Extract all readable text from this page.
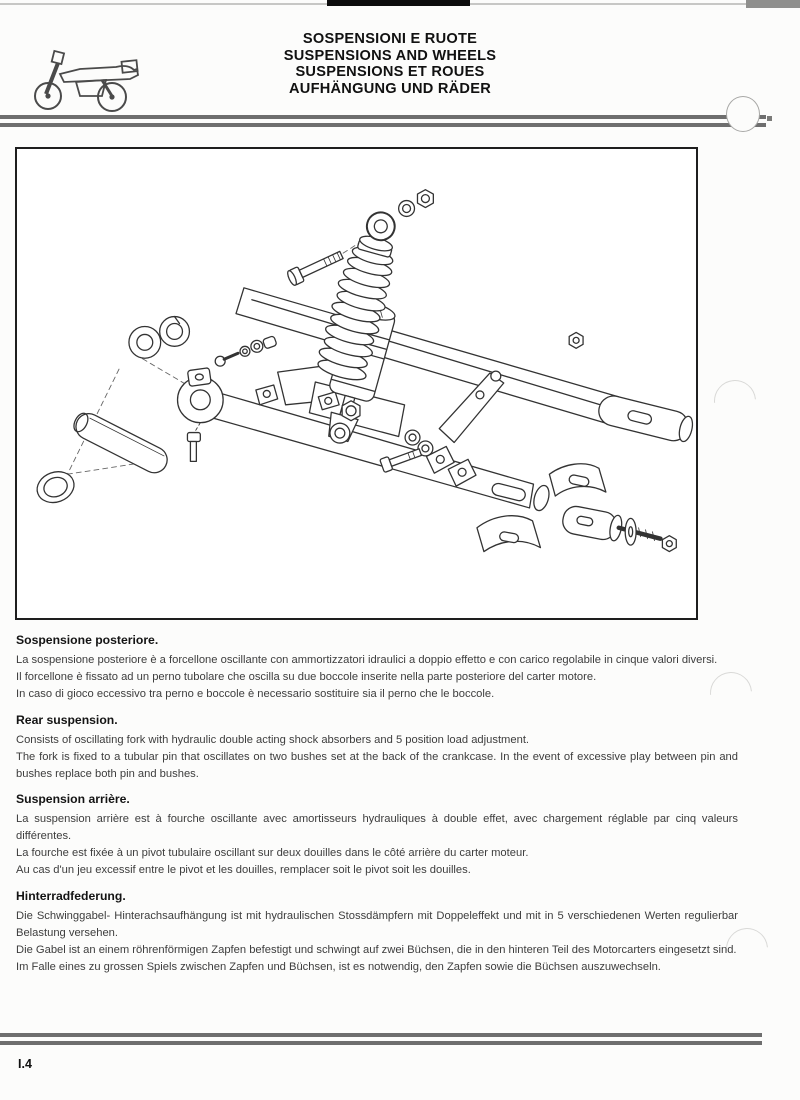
SOSPENSIONI E RUOTE
SUSPENSIONS AND WHEELS
SUSPENSIONS ET ROUES
AUFHÄNGUNG UND RÄDER
Sospensione posteriore.

La sospensione posteriore è a forcellone oscillante con ammortizzatori idraulici a doppio effetto e con carico regolabile in cinque valori diversi.

Il forcellone è fissato ad un perno tubolare che oscilla su due boccole inserite nella parte posteriore del carter motore.

In caso di gioco eccessivo tra perno e boccole è necessario sostituire sia il perno che le boccole.

Rear suspension.

Consists of oscillating fork with hydraulic double acting shock absorbers and 5 position load adjustment.

The fork is fixed to a tubular pin that oscillates on two bushes set at the back of the crankcase. In the event of excessive play between pin and bushes replace both pin and bushes.

Suspension arrière.

La suspension arrière est à fourche oscillante avec amortisseurs hydrauliques à double effet, avec chargement réglable par cinq valeurs différentes.

La fourche est fixée à un pivot tubulaire oscillant sur deux douilles dans le côté arrière du carter moteur.

Au cas d'un jeu excessif entre le pivot et les douilles, remplacer soit le pivot soit les douilles.

Hinterradfederung.

Die Schwinggabel- Hinterachsaufhängung ist mit hydraulischen Stossdämpfern mit Doppeleffekt und mit in 5 verschiedenen Werten regulierbar Belastung versehen.

Die Gabel ist an einem röhrenförmigen Zapfen befestigt und schwingt auf zwei Büchsen, die in den hinteren Teil des Motorcarters eingesetzt sind.

Im Falle eines zu grossen Spiels zwischen Zapfen und Büchsen, ist es notwendig, den Zapfen sowie die Büchsen auszuwechseln.

I.4
